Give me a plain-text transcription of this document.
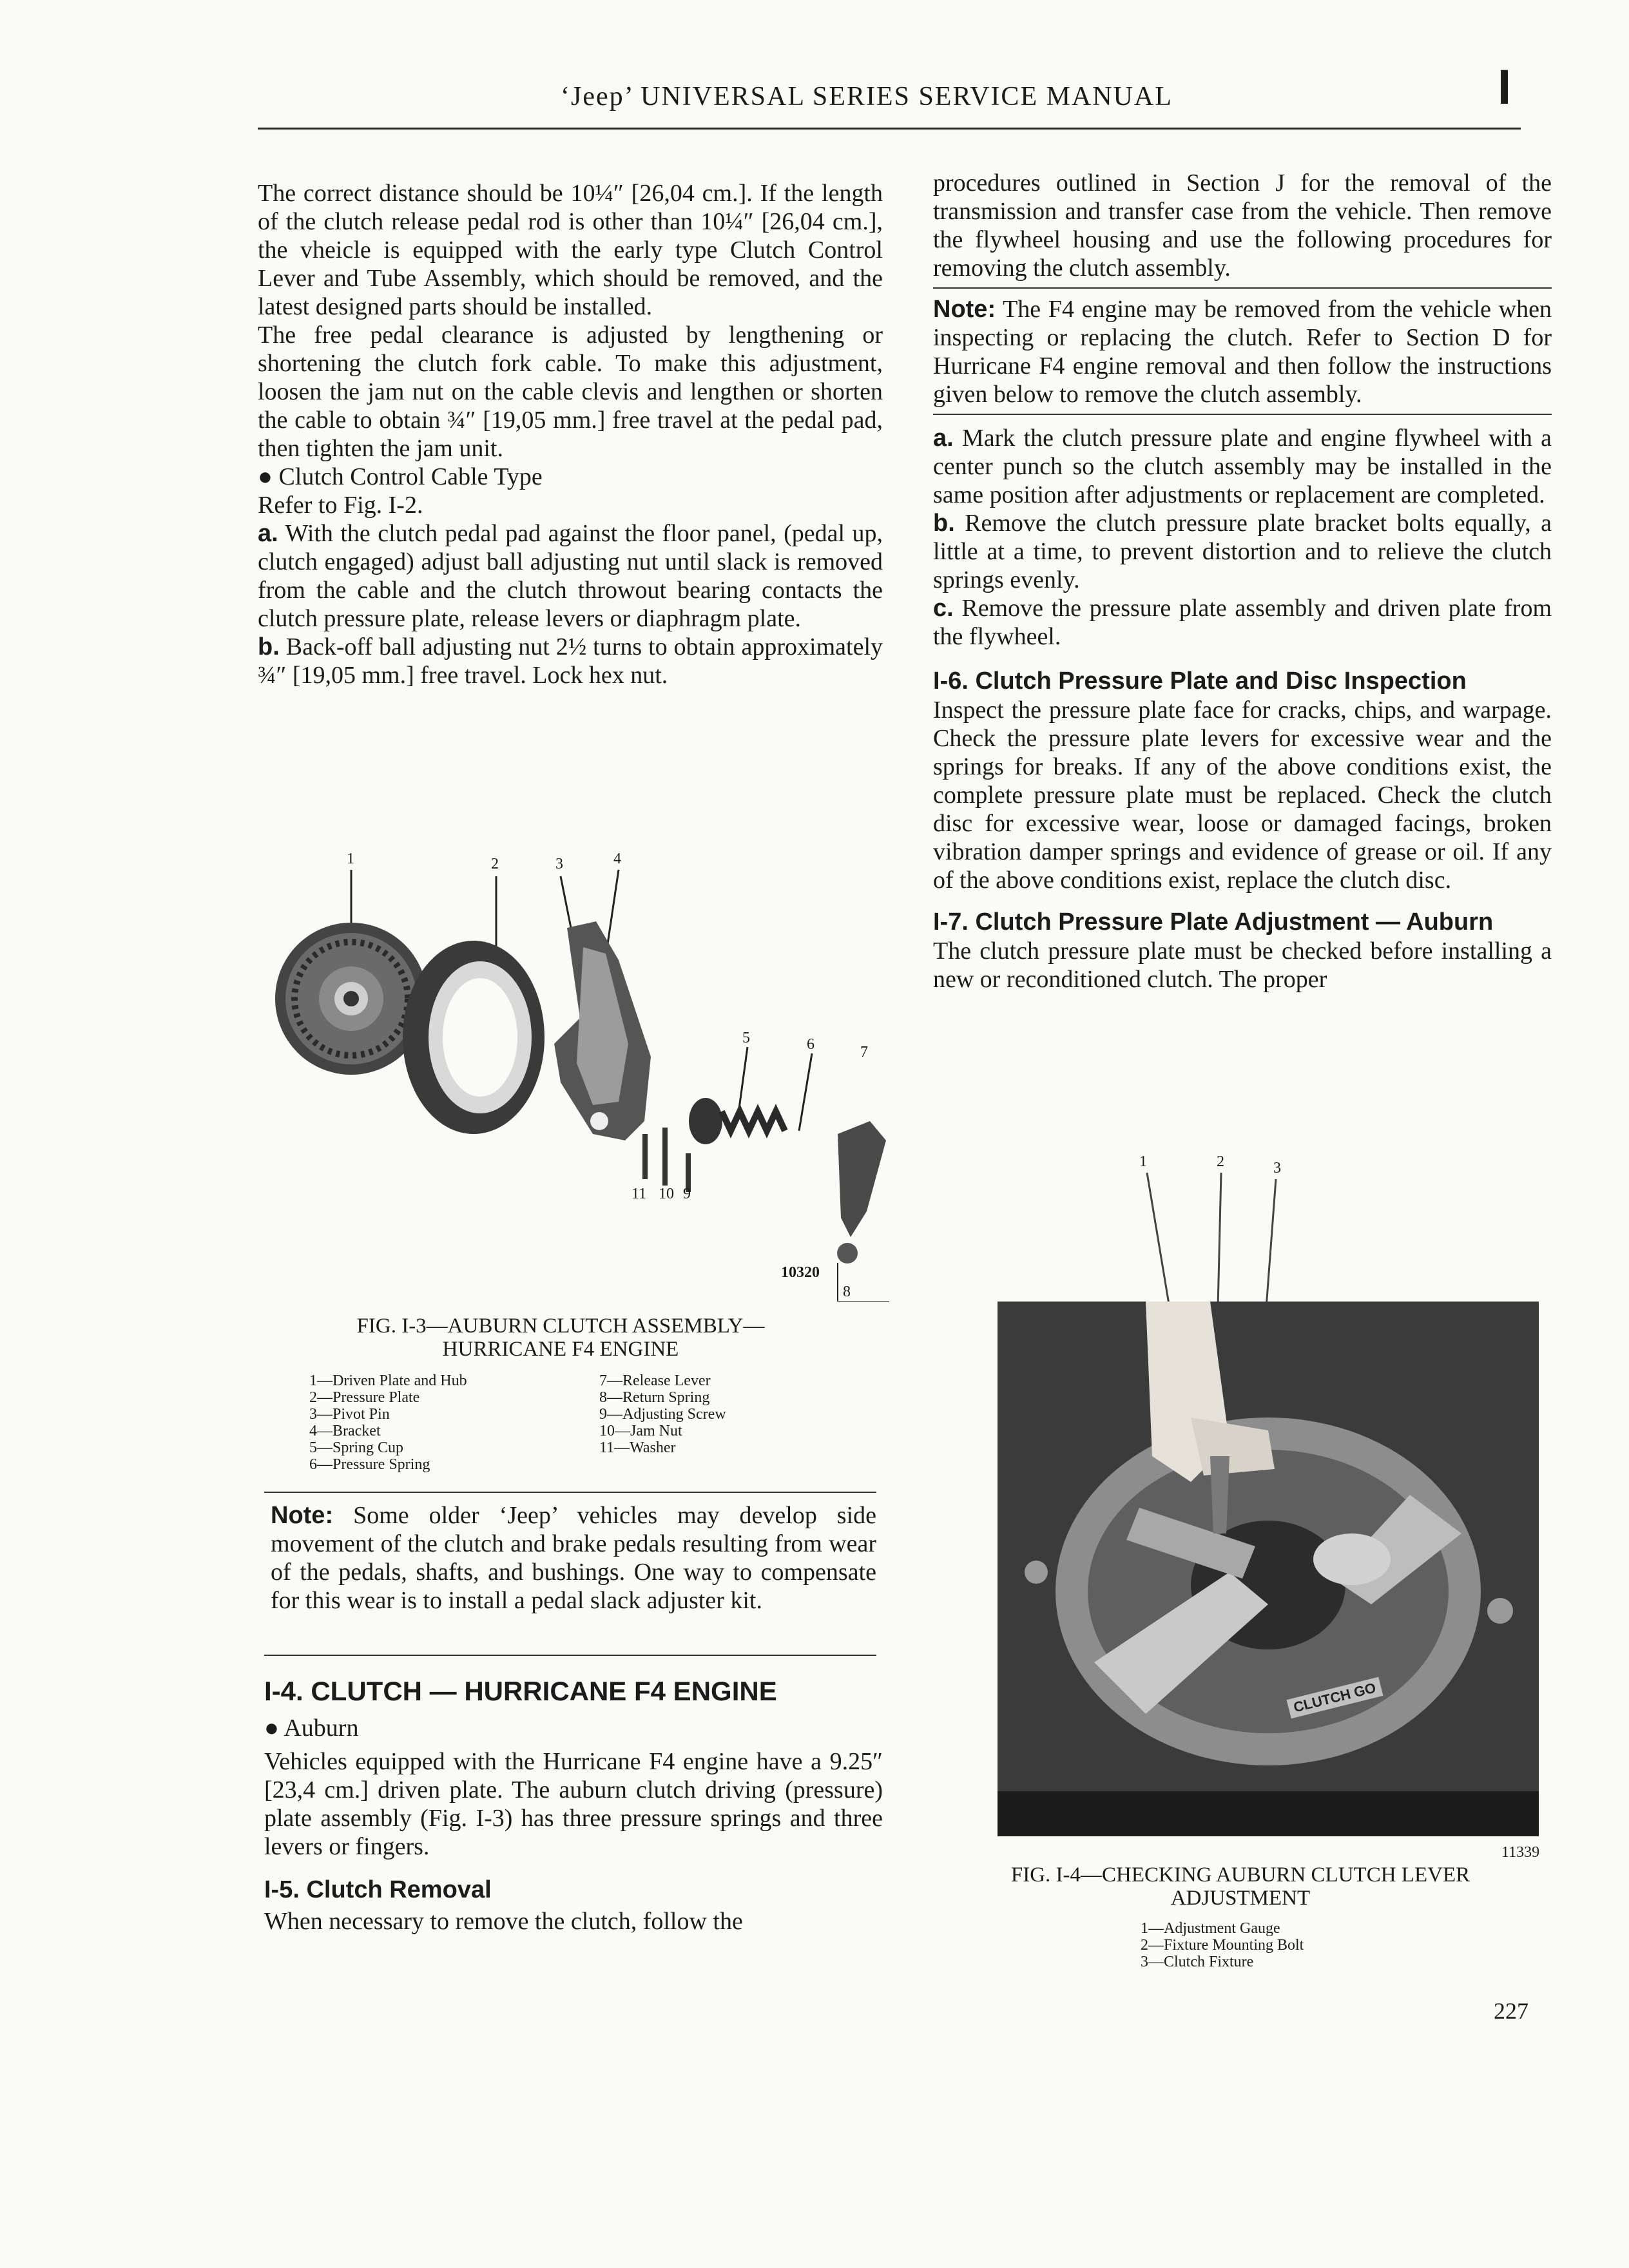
‘Jeep’ UNIVERSAL SERIES SERVICE MANUAL	I

The correct distance should be 10¼″ [26,04 cm.]. If the length of the clutch release pedal rod is other than 10¼″ [26,04 cm.], the vheicle is equipped with the early type Clutch Control Lever and Tube Assembly, which should be removed, and the latest designed parts should be installed.

The free pedal clearance is adjusted by lengthening or shortening the clutch fork cable. To make this adjustment, loosen the jam nut on the cable clevis and lengthen or shorten the cable to obtain ¾″ [19,05 mm.] free travel at the pedal pad, then tighten the jam unit.

● Clutch Control Cable Type

Refer to Fig. I-2.

a. With the clutch pedal pad against the floor panel, (pedal up, clutch engaged) adjust ball adjusting nut until slack is removed from the cable and the clutch throwout bearing contacts the clutch pressure plate, release levers or diaphragm plate.

b. Back-off ball adjusting nut 2½ turns to obtain approximately ¾″ [19,05 mm.] free travel. Lock hex nut.

1	2	3	4
5	6	7
8
11 10 9
10320
FIG. I-3—AUBURN CLUTCH ASSEMBLY—
HURRICANE F4 ENGINE
1—Driven Plate and Hub
2—Pressure Plate
3—Pivot Pin
4—Bracket
5—Spring Cup
6—Pressure Spring
7—Release Lever
8—Return Spring
9—Adjusting Screw
10—Jam Nut
11—Washer

Note: Some older ‘Jeep’ vehicles may develop side movement of the clutch and brake pedals resulting from wear of the pedals, shafts, and bushings. One way to compensate for this wear is to install a pedal slack adjuster kit.

I-4. CLUTCH — HURRICANE F4 ENGINE

● Auburn

Vehicles equipped with the Hurricane F4 engine have a 9.25″ [23,4 cm.] driven plate. The auburn clutch driving (pressure) plate assembly (Fig. I-3) has three pressure springs and three levers or fingers.

I-5. Clutch Removal

When necessary to remove the clutch, follow the

procedures outlined in Section J for the removal of the transmission and transfer case from the vehicle. Then remove the flywheel housing and use the following procedures for removing the clutch assembly.

Note: The F4 engine may be removed from the vehicle when inspecting or replacing the clutch. Refer to Section D for Hurricane F4 engine removal and then follow the instructions given below to remove the clutch assembly.

a. Mark the clutch pressure plate and engine flywheel with a center punch so the clutch assembly may be installed in the same position after adjustments or replacement are completed.

b. Remove the clutch pressure plate bracket bolts equally, a little at a time, to prevent distortion and to relieve the clutch springs evenly.

c. Remove the pressure plate assembly and driven plate from the flywheel.

I-6. Clutch Pressure Plate and Disc Inspection

Inspect the pressure plate face for cracks, chips, and warpage. Check the pressure plate levers for excessive wear and the springs for breaks. If any of the above conditions exist, the complete pressure plate must be replaced. Check the clutch disc for excessive wear, loose or damaged facings, broken vibration damper springs and evidence of grease or oil. If any of the above conditions exist, replace the clutch disc.

I-7. Clutch Pressure Plate Adjustment — Auburn

The clutch pressure plate must be checked before installing a new or reconditioned clutch. The proper

1	2	3
CLUTCH GO
11339
FIG. I-4—CHECKING AUBURN CLUTCH LEVER
ADJUSTMENT
1—Adjustment Gauge
2—Fixture Mounting Bolt
3—Clutch Fixture
227
